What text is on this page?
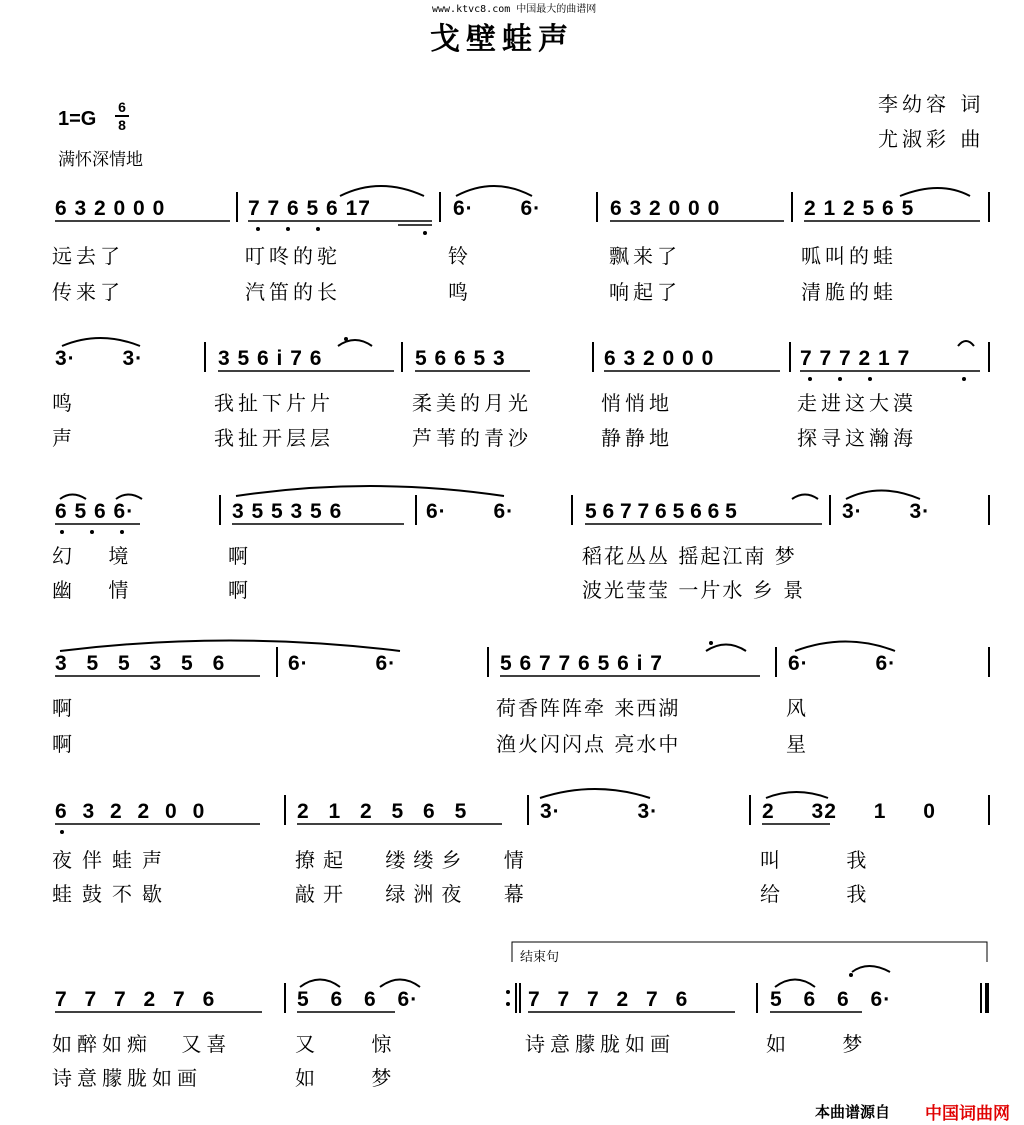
www.ktvc8.com 中国最大的曲谱网
戈壁蛙声
1=G
6
8
满怀深情地
李幼容 词
尤淑彩 曲
6 3 2 0 0 0	7 7 6 5 6 17	6· 6·	6 3 2 0 0 0	2 1 2 5 6 5
远去了	叮咚的驼	铃	飘来了	呱叫的蛙
传来了	汽笛的长	鸣	响起了	清脆的蛙
3· 3·	3 5 6 i 7 6	5 6 6 5 3	6 3 2 0 0 0	7 7 7 2 1 7
鸣	我扯下片片	柔美的月光	悄悄地	走进这大漠
声	我扯开层层	芦苇的青沙	静静地	探寻这瀚海
6 5 6 6·	3 5 5 3 5 6	6· 6·	5 6 7 7 6 5 6 6 5	3· 3·
幻 境	啊	稻花丛丛 摇起江南 梦
幽 情	啊	波光莹莹 一片水 乡 景
3 5 5 3 5 6	6· 6·	5 6 7 7 6 5 6 i 7	6· 6·
啊	荷香阵阵牵 来西湖	风
啊	渔火闪闪点 亮水中	星
6 3 2 2 0 0	2 1 2 5 6 5	3· 3·	2 32 1 0
夜伴蛙声	撩起 缕缕乡 情	叫 我
蛙鼓不歇	敲开 绿洲夜 幕	给 我
结束句
7 7 7 2 7 6	5 6 6 6·	7 7 7 2 7 6	5 6 6 6·
如醉如痴 又喜	又 惊	诗意朦胧如画	如 梦
诗意朦胧如画	如 梦
本曲谱源自 中国词曲网
